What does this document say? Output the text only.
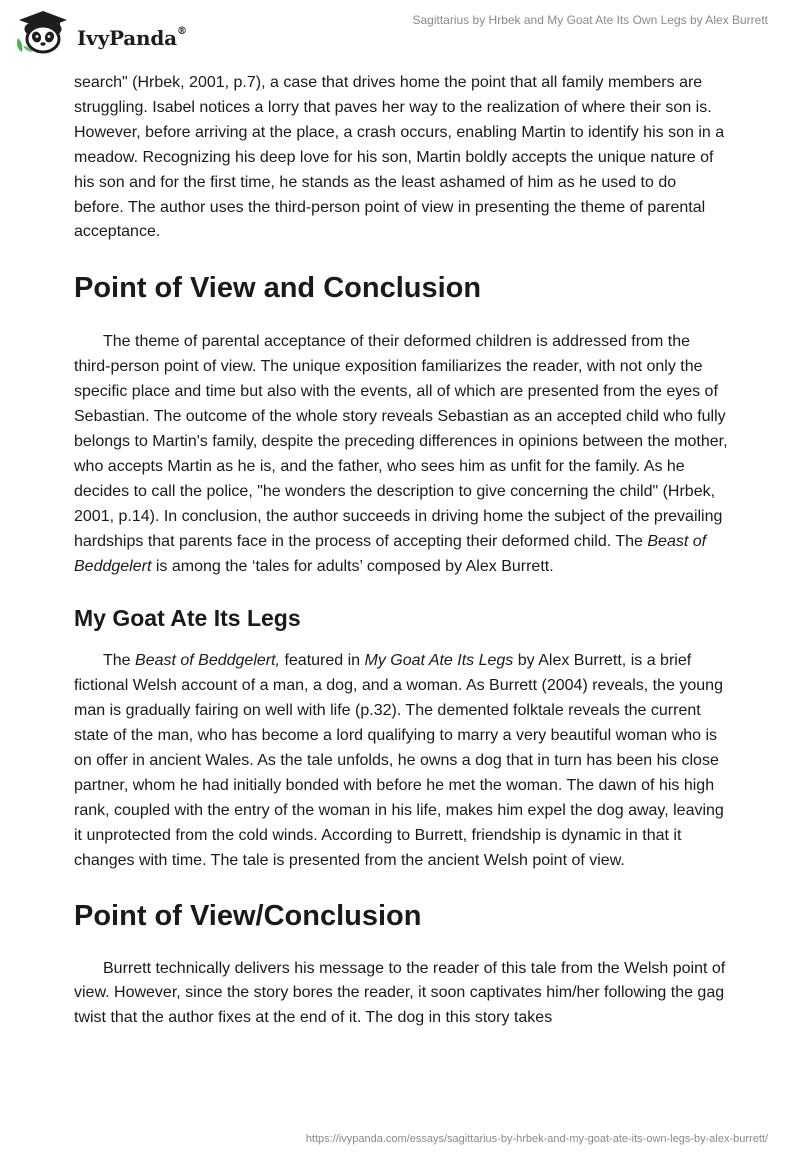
IvyPanda®
Sagittarius by Hrbek and My Goat Ate Its Own Legs by Alex Burrett

search" (Hrbek, 2001, p.7), a case that drives home the point that all family members are struggling. Isabel notices a lorry that paves her way to the realization of where their son is. However, before arriving at the place, a crash occurs, enabling Martin to identify his son in a meadow. Recognizing his deep love for his son, Martin boldly accepts the unique nature of his son and for the first time, he stands as the least ashamed of him as he used to do before. The author uses the third-person point of view in presenting the theme of parental acceptance.

Point of View and Conclusion

The theme of parental acceptance of their deformed children is addressed from the third-person point of view. The unique exposition familiarizes the reader, with not only the specific place and time but also with the events, all of which are presented from the eyes of Sebastian. The outcome of the whole story reveals Sebastian as an accepted child who fully belongs to Martin's family, despite the preceding differences in opinions between the mother, who accepts Martin as he is, and the father, who sees him as unfit for the family. As he decides to call the police, "he wonders the description to give concerning the child" (Hrbek, 2001, p.14). In conclusion, the author succeeds in driving home the subject of the prevailing hardships that parents face in the process of accepting their deformed child. The Beast of Beddgelert is among the ‘tales for adults’ composed by Alex Burrett.

My Goat Ate Its Legs

The Beast of Beddgelert, featured in My Goat Ate Its Legs by Alex Burrett, is a brief fictional Welsh account of a man, a dog, and a woman. As Burrett (2004) reveals, the young man is gradually fairing on well with life (p.32). The demented folktale reveals the current state of the man, who has become a lord qualifying to marry a very beautiful woman who is on offer in ancient Wales. As the tale unfolds, he owns a dog that in turn has been his close partner, whom he had initially bonded with before he met the woman. The dawn of his high rank, coupled with the entry of the woman in his life, makes him expel the dog away, leaving it unprotected from the cold winds. According to Burrett, friendship is dynamic in that it changes with time. The tale is presented from the ancient Welsh point of view.

Point of View/Conclusion

Burrett technically delivers his message to the reader of this tale from the Welsh point of view. However, since the story bores the reader, it soon captivates him/her following the gag twist that the author fixes at the end of it. The dog in this story takes

https://ivypanda.com/essays/sagittarius-by-hrbek-and-my-goat-ate-its-own-legs-by-alex-burrett/
